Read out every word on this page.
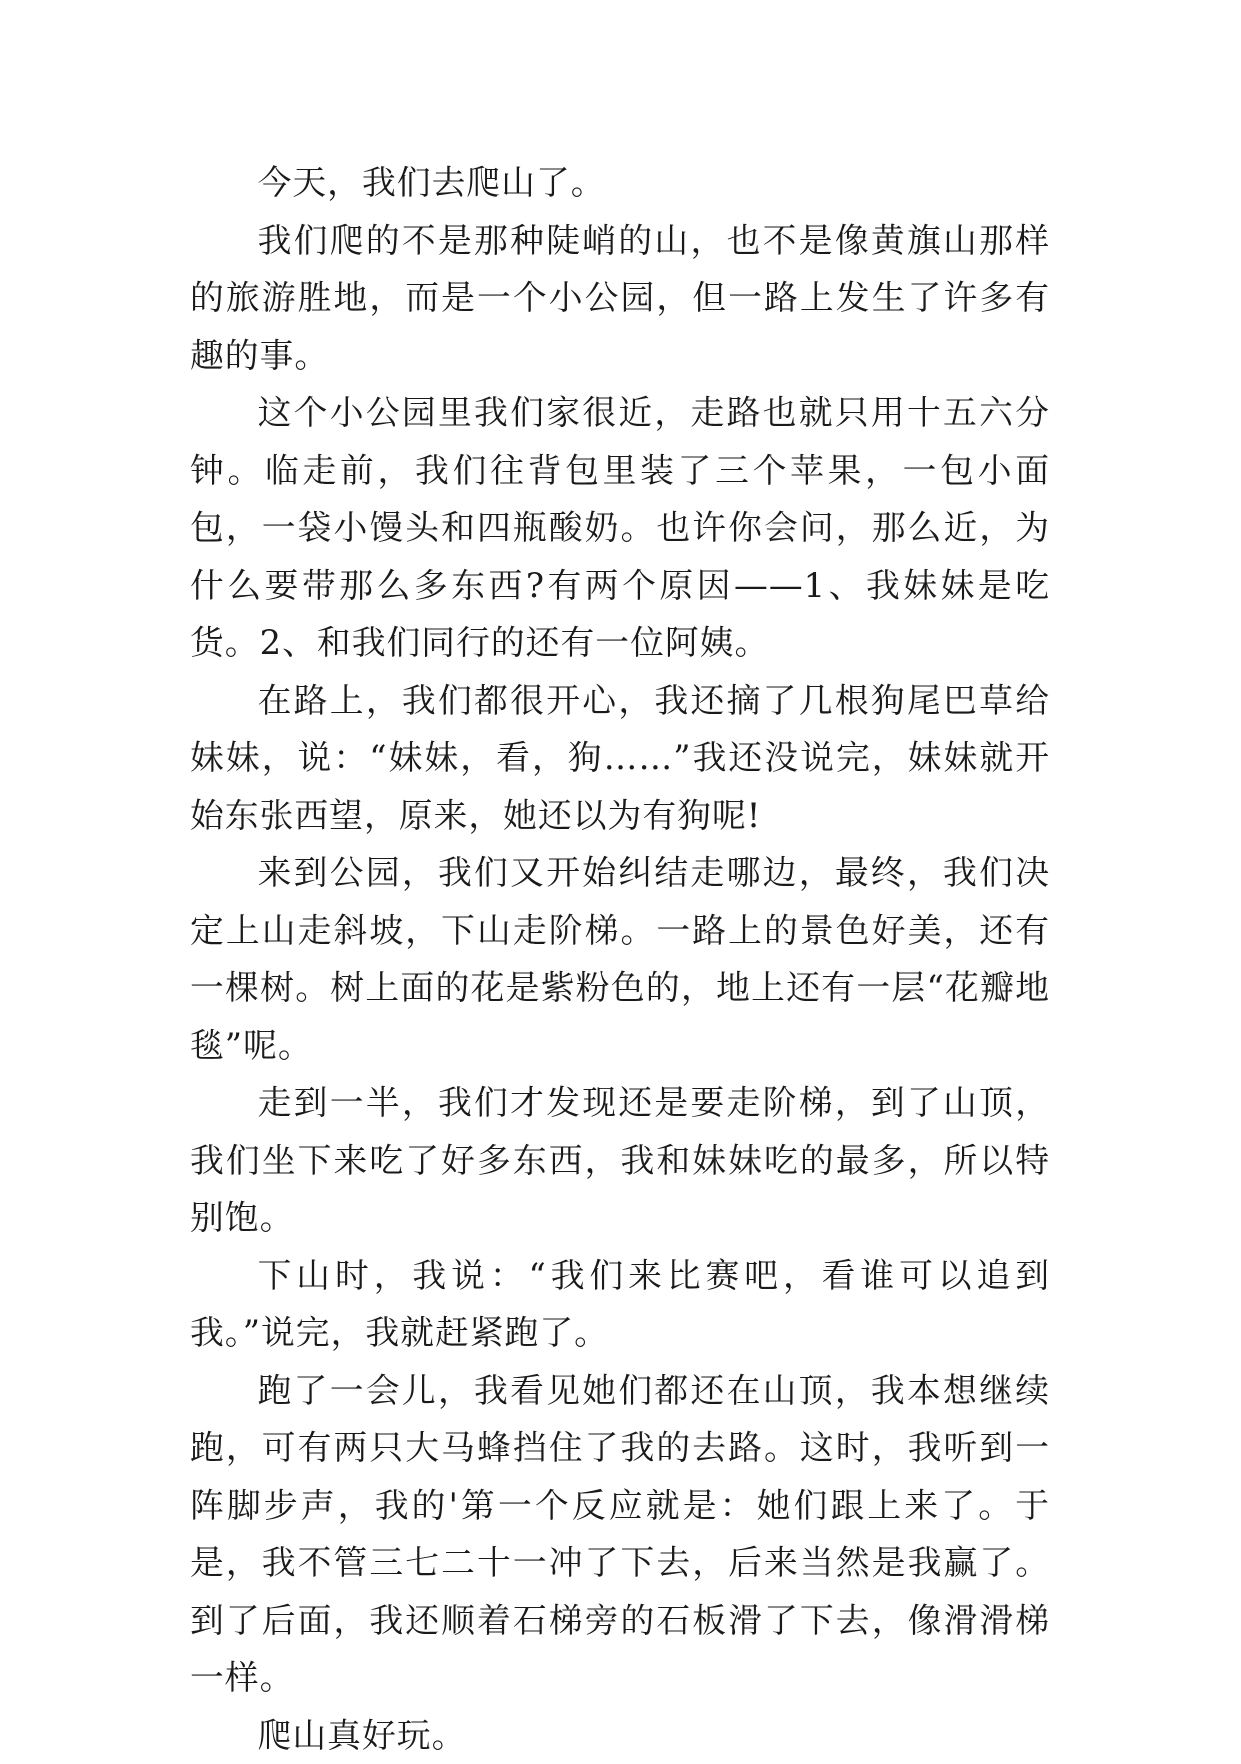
今天，我们去爬山了。

我们爬的不是那种陡峭的山，也不是像黄旗山那样的旅游胜地，而是一个小公园，但一路上发生了许多有趣的事。

这个小公园里我们家很近，走路也就只用十五六分钟。临走前，我们往背包里装了三个苹果，一包小面包，一袋小馒头和四瓶酸奶。也许你会问，那么近，为什么要带那么多东西?有两个原因——1、我妹妹是吃货。2、和我们同行的还有一位阿姨。

在路上，我们都很开心，我还摘了几根狗尾巴草给妹妹，说：“妹妹，看，狗……”我还没说完，妹妹就开始东张西望，原来，她还以为有狗呢!

来到公园，我们又开始纠结走哪边，最终，我们决定上山走斜坡，下山走阶梯。一路上的景色好美，还有一棵树。树上面的花是紫粉色的，地上还有一层“花瓣地毯”呢。

走到一半，我们才发现还是要走阶梯，到了山顶，我们坐下来吃了好多东西，我和妹妹吃的最多，所以特别饱。

下山时，我说：“我们来比赛吧，看谁可以追到我。”说完，我就赶紧跑了。

跑了一会儿，我看见她们都还在山顶，我本想继续跑，可有两只大马蜂挡住了我的去路。这时，我听到一阵脚步声，我的'第一个反应就是：她们跟上来了。于是，我不管三七二十一冲了下去，后来当然是我赢了。到了后面，我还顺着石梯旁的石板滑了下去，像滑滑梯一样。

爬山真好玩。
